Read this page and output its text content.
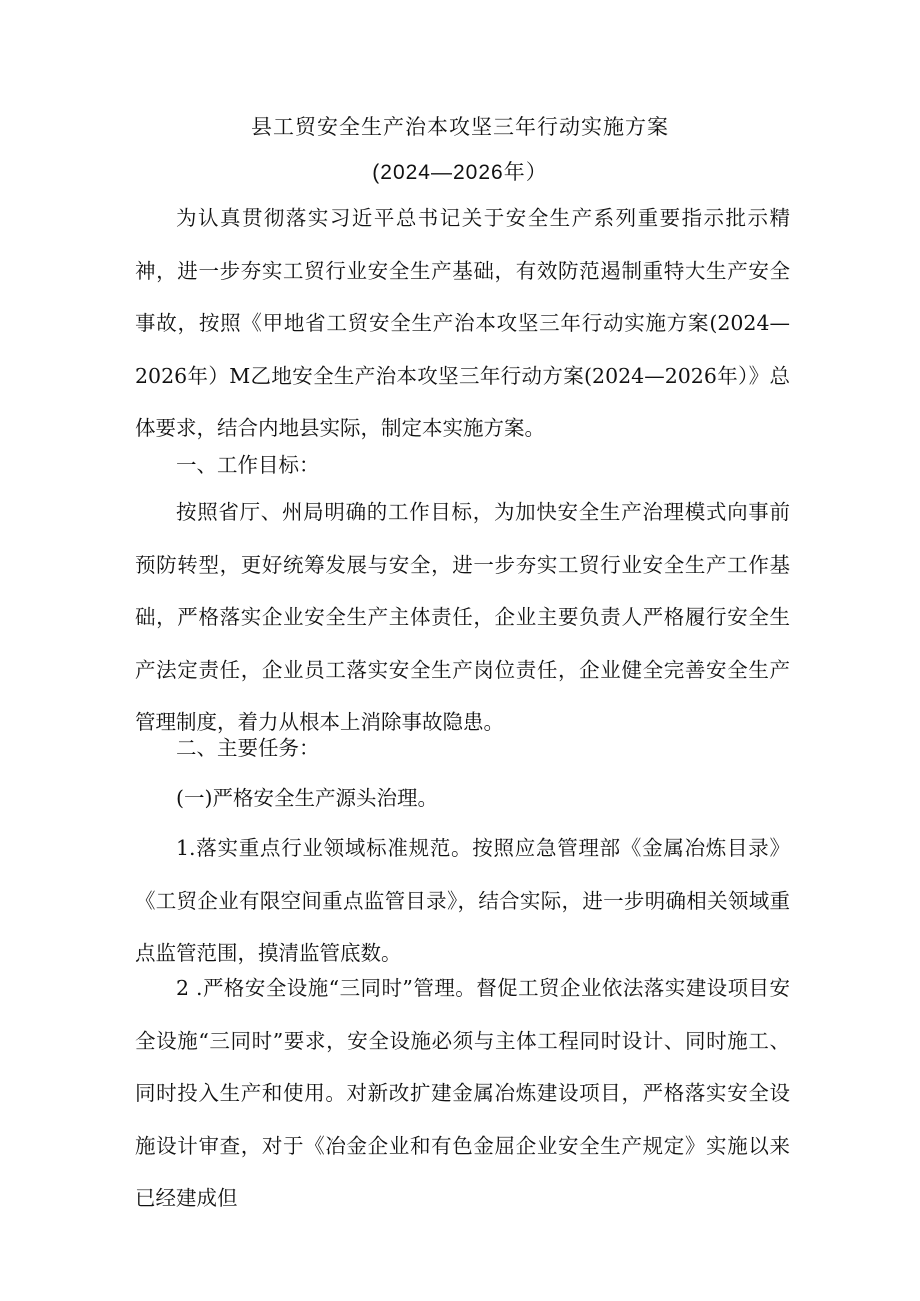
县工贸安全生产治本攻坚三年行动实施方案
(2024—2026年）
为认真贯彻落实习近平总书记关于安全生产系列重要指示批示精神，进一步夯实工贸行业安全生产基础，有效防范遏制重特大生产安全事故，按照《甲地省工贸安全生产治本攻坚三年行动实施方案(2024—2026年）M乙地安全生产治本攻坚三年行动方案(2024—2026年）》总体要求，结合内地县实际，制定本实施方案。
一、工作目标：
按照省厅、州局明确的工作目标，为加快安全生产治理模式向事前预防转型，更好统筹发展与安全，进一步夯实工贸行业安全生产工作基础，严格落实企业安全生产主体责任，企业主要负责人严格履行安全生产法定责任，企业员工落实安全生产岗位责任，企业健全完善安全生产管理制度，着力从根本上消除事故隐患。
二、主要任务：
(一)严格安全生产源头治理。
1.落实重点行业领域标准规范。按照应急管理部《金属冶炼目录》《工贸企业有限空间重点监管目录》，结合实际，进一步明确相关领域重点监管范围，摸清监管底数。
2 .严格安全设施“三同时”管理。督促工贸企业依法落实建设项目安全设施“三同时”要求，安全设施必须与主体工程同时设计、同时施工、同时投入生产和使用。对新改扩建金属冶炼建设项目，严格落实安全设施设计审查，对于《冶金企业和有色金屈企业安全生产规定》实施以来已经建成但
